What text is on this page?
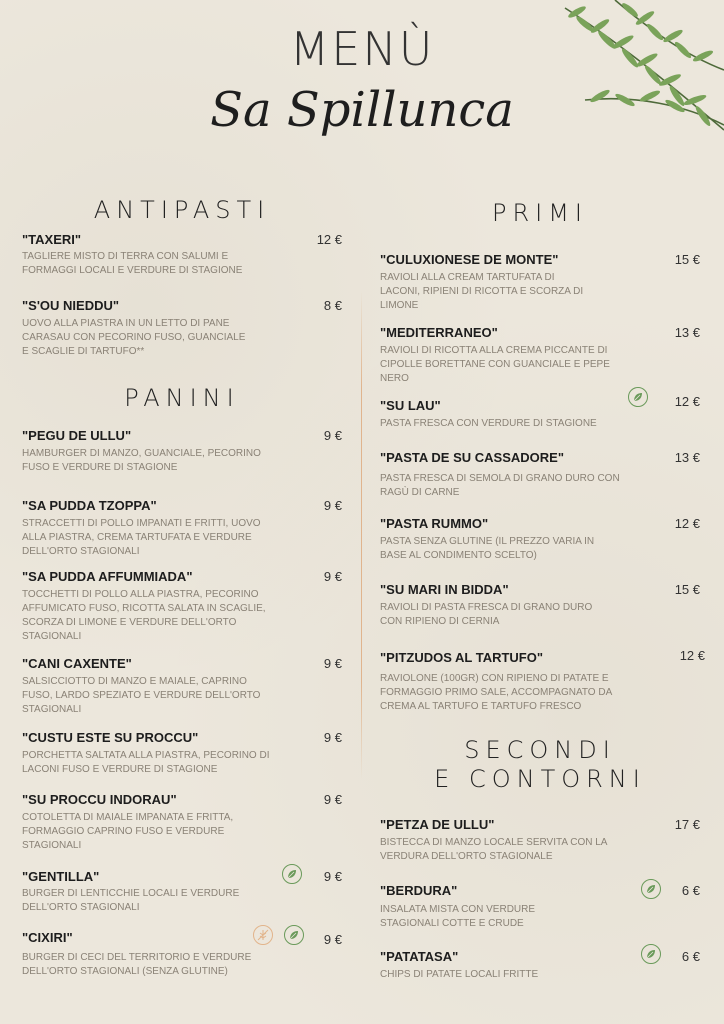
MENÙ
Sa Spillunca
ANTIPASTI
"TAXERI"	12 €
TAGLIERE MISTO DI TERRA CON SALUMI E FORMAGGI LOCALI E VERDURE DI STAGIONE
"S'OU NIEDDU"	8 €
UOVO ALLA PIASTRA IN UN LETTO DI PANE CARASAU CON PECORINO FUSO, GUANCIALE E SCAGLIE DI TARTUFO**
PANINI
"PEGU DE ULLU"	9 €
HAMBURGER DI MANZO, GUANCIALE, PECORINO FUSO E VERDURE DI STAGIONE
"SA PUDDA TZOPPA"	9 €
STRACCETTI DI POLLO IMPANATI E FRITTI, UOVO ALLA PIASTRA, CREMA TARTUFATA E VERDURE DELL'ORTO STAGIONALI
"SA PUDDA AFFUMMIADA"	9 €
TOCCHETTI DI POLLO ALLA PIASTRA, PECORINO AFFUMICATO FUSO, RICOTTA SALATA IN SCAGLIE, SCORZA DI LIMONE E VERDURE DELL'ORTO STAGIONALI
"CANI CAXENTE"	9 €
SALSICCIOTTO DI MANZO E MAIALE, CAPRINO FUSO, LARDO SPEZIATO E VERDURE DELL'ORTO STAGIONALI
"CUSTU ESTE SU PROCCU"	9 €
PORCHETTA SALTATA ALLA PIASTRA, PECORINO DI LACONI FUSO E VERDURE DI STAGIONE
"SU PROCCU INDORAU"	9 €
COTOLETTA DI MAIALE IMPANATA E FRITTA, FORMAGGIO CAPRINO FUSO E VERDURE STAGIONALI
"GENTILLA"	9 €
BURGER DI LENTICCHIE LOCALI E VERDURE DELL'ORTO STAGIONALI
"CIXIRI"	9 €
BURGER DI CECI DEL TERRITORIO E VERDURE DELL'ORTO STAGIONALI (SENZA GLUTINE)
PRIMI
"CULUXIONESE DE MONTE"	15 €
RAVIOLI ALLA CREAM TARTUFATA DI LACONI, RIPIENI DI RICOTTA E SCORZA DI LIMONE
"MEDITERRANEO"	13 €
RAVIOLI DI RICOTTA ALLA CREMA PICCANTE DI CIPOLLE BORETTANE CON GUANCIALE E PEPE NERO
"SU LAU"	12 €
PASTA FRESCA CON VERDURE DI STAGIONE
"PASTA DE SU CASSADORE"	13 €
PASTA FRESCA DI SEMOLA DI GRANO DURO CON RAGÙ DI CARNE
"PASTA RUMMO"	12 €
PASTA SENZA GLUTINE (IL PREZZO VARIA IN BASE AL CONDIMENTO SCELTO)
"SU MARI IN BIDDA"	15 €
RAVIOLI DI PASTA FRESCA DI GRANO DURO CON RIPIENO DI CERNIA
"PITZUDOS AL TARTUFO"	12 €
RAVIOLONE (100GR) CON RIPIENO DI PATATE E FORMAGGIO PRIMO SALE, ACCOMPAGNATO DA CREMA AL TARTUFO E TARTUFO FRESCO
SECONDI
E CONTORNI
"PETZA DE ULLU"	17 €
BISTECCA DI MANZO LOCALE SERVITA CON LA VERDURA DELL'ORTO STAGIONALE
"BERDURA"	6 €
INSALATA MISTA CON VERDURE STAGIONALI COTTE E CRUDE
"PATATASA"	6 €
CHIPS DI PATATE LOCALI FRITTE
